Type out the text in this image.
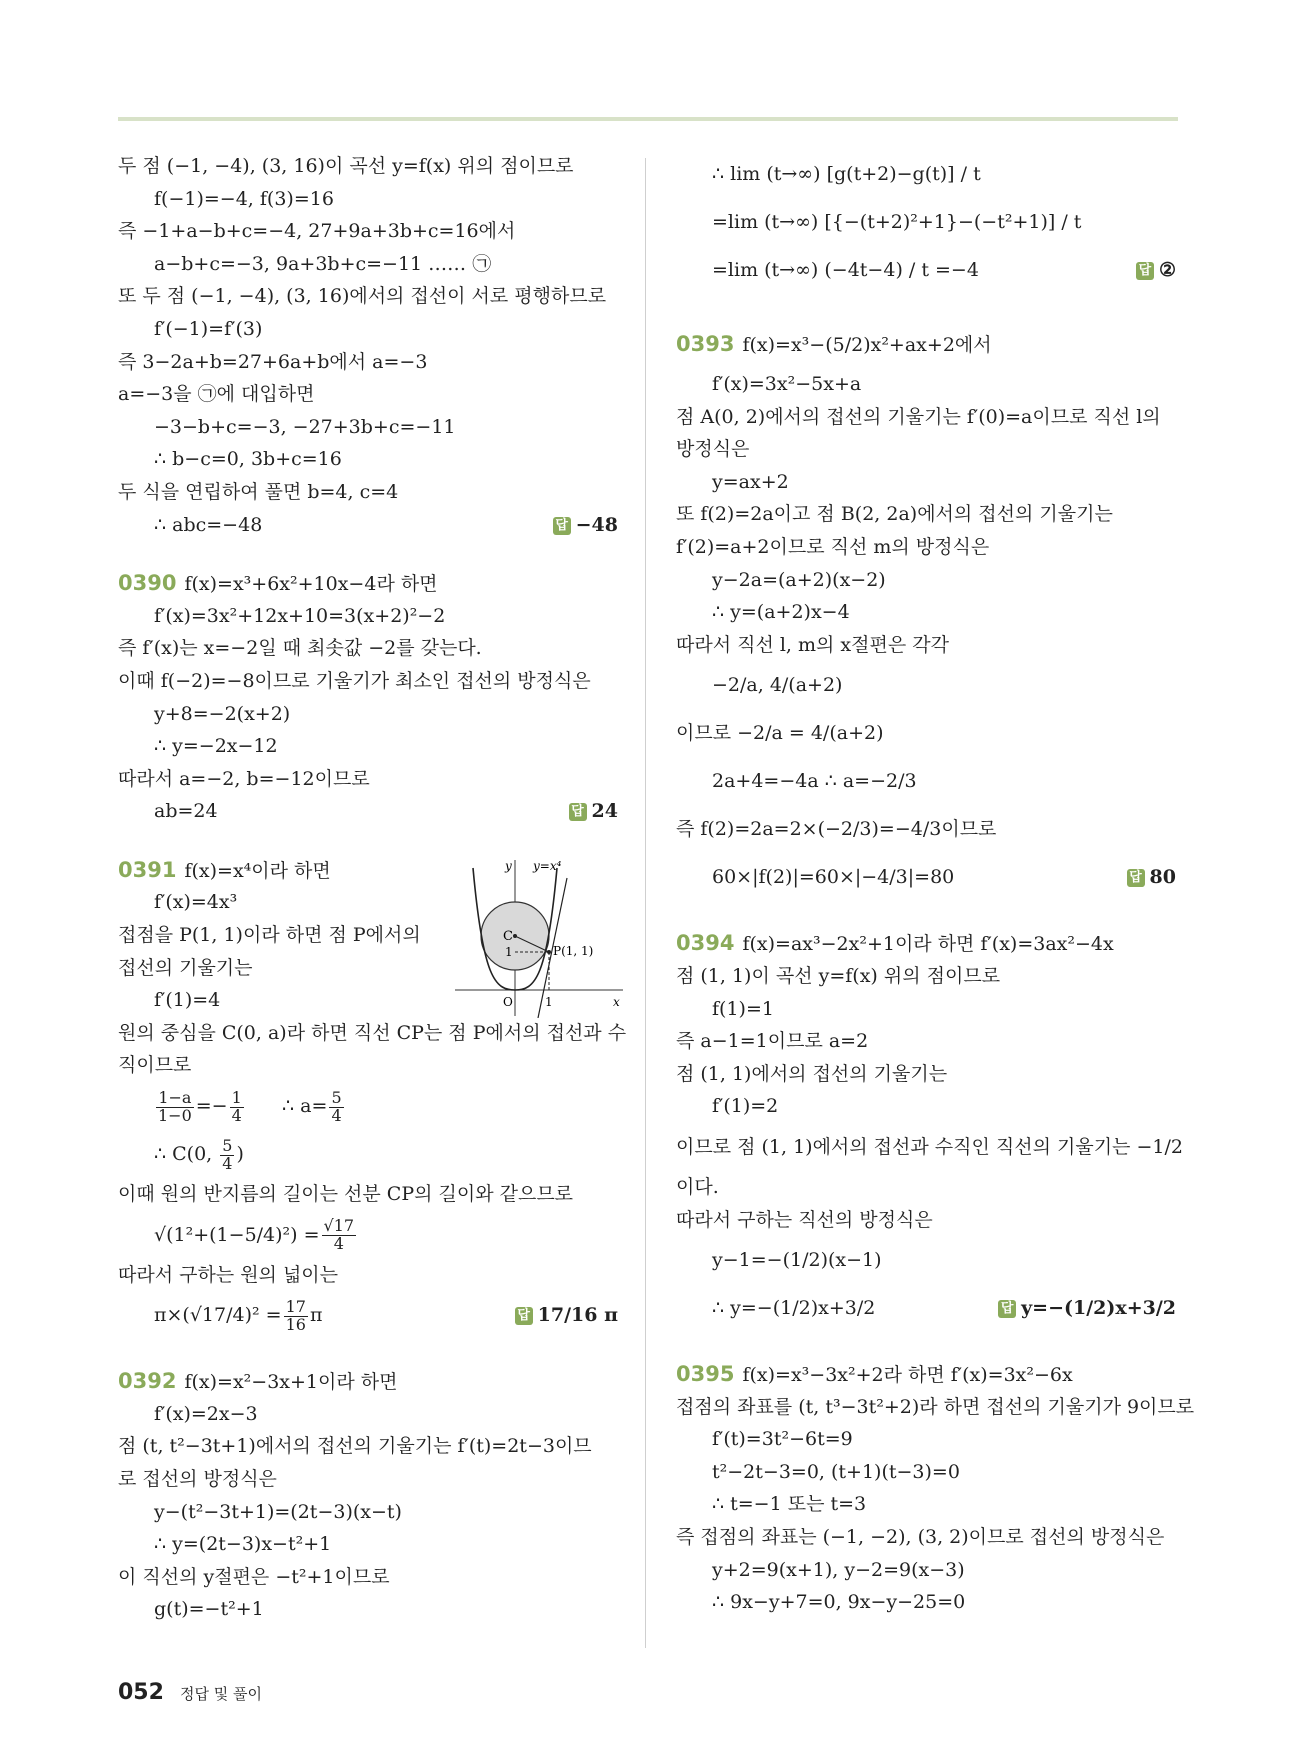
두 점 (−1, −4), (3, 16)이 곡선 y=f(x) 위의 점이므로
f(−1)=−4, f(3)=16
즉 −1+a−b+c=−4, 27+9a+3b+c=16에서
a−b+c=−3, 9a+3b+c=−11 …… ㉠
또 두 점 (−1, −4), (3, 16)에서의 접선이 서로 평행하므로
f′(−1)=f′(3)
즉 3−2a+b=27+6a+b에서 a=−3
a=−3을 ㉠에 대입하면
−3−b+c=−3, −27+3b+c=−11
∴ b−c=0, 3b+c=16
두 식을 연립하여 풀면 b=4, c=4
∴ abc=−48	답 −48
0390 f(x)=x³+6x²+10x−4라 하면
f′(x)=3x²+12x+10=3(x+2)²−2
즉 f′(x)는 x=−2일 때 최솟값 −2를 갖는다.
이때 f(−2)=−8이므로 기울기가 최소인 접선의 방정식은
y+8=−2(x+2)
∴ y=−2x−12
따라서 a=−2, b=−12이므로
ab=24	답 24
0391 f(x)=x⁴이라 하면
f′(x)=4x³
접점을 P(1, 1)이라 하면 점 P에서의
접선의 기울기는
f′(1)=4
원의 중심을 C(0, a)라 하면 직선 CP는 점 P에서의 접선과 수
직이므로
$\frac{1-a}{1-0} =- \frac{1}{4}$ ∴ $a= \frac{5}{4}$
∴ C(0, $\frac{5}{4}$ )
이때 원의 반지름의 길이는 선분 CP의 길이와 같으므로
$√(1^2+(1-5/4)^2) = \frac{√17}{4}$
따라서 구하는 원의 넓이는
$\pi\times(√17/4)^2 = \frac{17}{16}$ π	답 17/16 π
0392 f(x)=x²−3x+1이라 하면
f′(x)=2x−3
점 (t, t²−3t+1)에서의 접선의 기울기는 f′(t)=2t−3이므
로 접선의 방정식은
y−(t²−3t+1)=(2t−3)(x−t)
∴ y=(2t−3)x−t²+1
이 직선의 y절편은 −t²+1이므로
g(t)=−t²+1
y y=x⁴
C
1	P(1, 1)
O	1	x
∴ lim (t→∞) [g(t+2)−g(t)] / t
=lim (t→∞) [{−(t+2)²+1}−(−t²+1)] / t
=lim (t→∞) (−4t−4) / t =−4	답 ②
0393 f(x)=x³−(5/2)x²+ax+2에서
f′(x)=3x²−5x+a
점 A(0, 2)에서의 접선의 기울기는 f′(0)=a이므로 직선 l의
방정식은
y=ax+2
또 f(2)=2a이고 점 B(2, 2a)에서의 접선의 기울기는
f′(2)=a+2이므로 직선 m의 방정식은
y−2a=(a+2)(x−2)
∴ y=(a+2)x−4
따라서 직선 l, m의 x절편은 각각
−2/a, 4/(a+2)
이므로 −2/a = 4/(a+2)
2a+4=−4a ∴ a=−2/3
즉 f(2)=2a=2×(−2/3)=−4/3이므로
60×|f(2)|=60×|−4/3|=80	답 80
0394 f(x)=ax³−2x²+1이라 하면 f′(x)=3ax²−4x
점 (1, 1)이 곡선 y=f(x) 위의 점이므로
f(1)=1
즉 a−1=1이므로 a=2
점 (1, 1)에서의 접선의 기울기는
f′(1)=2
이므로 점 (1, 1)에서의 접선과 수직인 직선의 기울기는 −1/2
이다.
따라서 구하는 직선의 방정식은
y−1=−(1/2)(x−1)
∴ y=−(1/2)x+3/2	답 y=−(1/2)x+3/2
0395 f(x)=x³−3x²+2라 하면 f′(x)=3x²−6x
접점의 좌표를 (t, t³−3t²+2)라 하면 접선의 기울기가 9이므로
f′(t)=3t²−6t=9
t²−2t−3=0, (t+1)(t−3)=0
∴ t=−1 또는 t=3
즉 접점의 좌표는 (−1, −2), (3, 2)이므로 접선의 방정식은
y+2=9(x+1), y−2=9(x−3)
∴ 9x−y+7=0, 9x−y−25=0
052 정답 및 풀이
